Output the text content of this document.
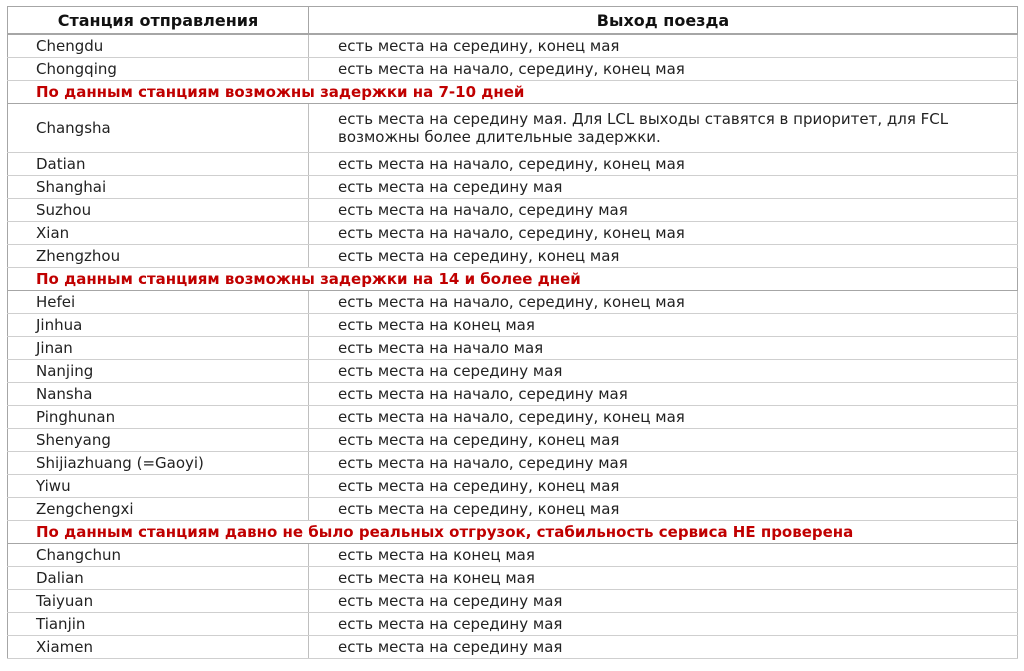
Станция отправления	Выход поезда
Chengdu	есть места на середину, конец мая
Chongqing	есть места на начало, середину, конец мая
По данным станциям возможны задержки на 7-10 дней	
Changsha	есть места на середину мая. Для LCL выходы ставятся в приоритет, для FCL возможны более длительные задержки.
Datian	есть места на начало, середину, конец мая
Shanghai	есть места на середину мая
Suzhou	есть места на начало, середину мая
Xian	есть места на начало, середину, конец мая
Zhengzhou	есть места на середину, конец мая
По данным станциям возможны задержки на 14 и более дней	
Hefei	есть места на начало, середину, конец мая
Jinhua	есть места на конец мая
Jinan	есть места на начало мая
Nanjing	есть места на середину мая
Nansha	есть места на начало, середину мая
Pinghunan	есть места на начало, середину, конец мая
Shenyang	есть места на середину, конец мая
Shijiazhuang (=Gaoyi)	есть места на начало, середину мая
Yiwu	есть места на середину, конец мая
Zengchengxi	есть места на середину, конец мая
По данным станциям давно не было реальных отгрузок, стабильность сервиса НЕ проверена	
Changchun	есть места на конец мая
Dalian	есть места на конец мая
Taiyuan	есть места на середину мая
Tianjin	есть места на середину мая
Xiamen	есть места на середину мая
